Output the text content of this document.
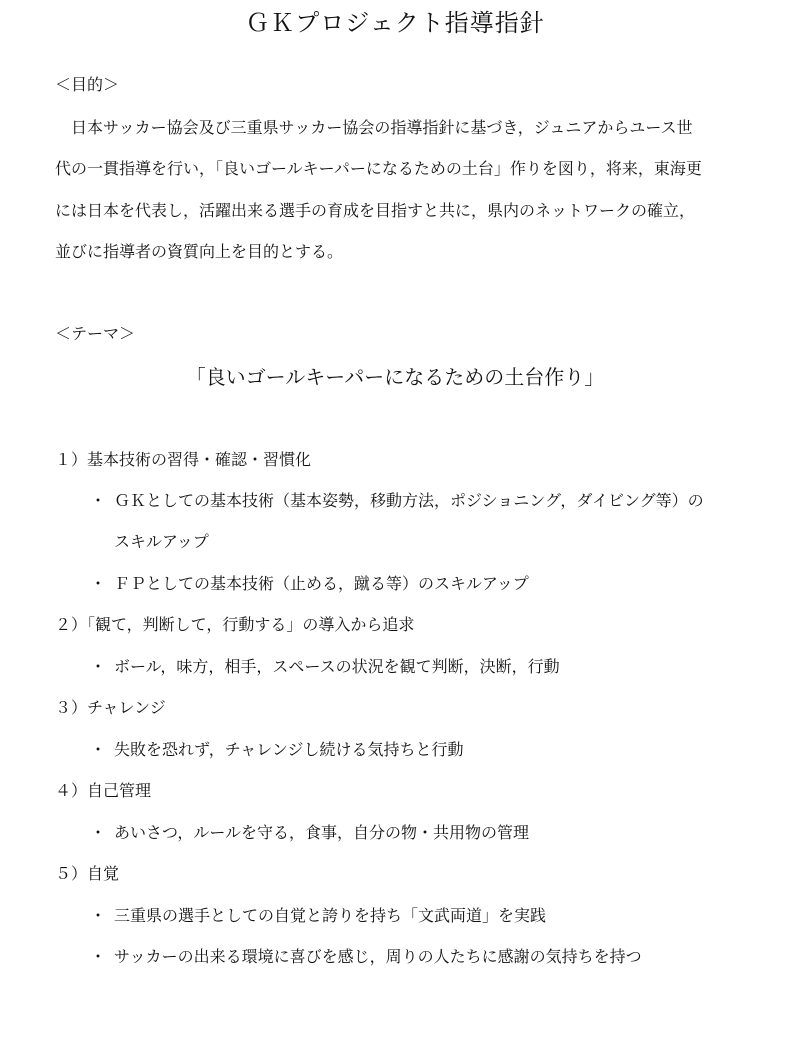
ＧＫプロジェクト指導指針
＜目的＞
　日本サッカー協会及び三重県サッカー協会の指導指針に基づき，ジュニアからユース世
代の一貫指導を行い，「良いゴールキーパーになるための土台」作りを図り，将来，東海更
には日本を代表し，活躍出来る選手の育成を目指すと共に，県内のネットワークの確立，
並びに指導者の資質向上を目的とする。
＜テーマ＞
「良いゴールキーパーになるための土台作り」
１）基本技術の習得・確認・習慣化
・ ＧＫとしての基本技術（基本姿勢，移動方法，ポジショニング，ダイビング等）の
スキルアップ
・ ＦＰとしての基本技術（止める，蹴る等）のスキルアップ
２）「観て，判断して，行動する」の導入から追求
・ ボール，味方，相手，スペースの状況を観て判断，決断，行動
３）チャレンジ
・ 失敗を恐れず，チャレンジし続ける気持ちと行動
４）自己管理
・ あいさつ，ルールを守る，食事，自分の物・共用物の管理
５）自覚
・ 三重県の選手としての自覚と誇りを持ち「文武両道」を実践
・ サッカーの出来る環境に喜びを感じ，周りの人たちに感謝の気持ちを持つ
